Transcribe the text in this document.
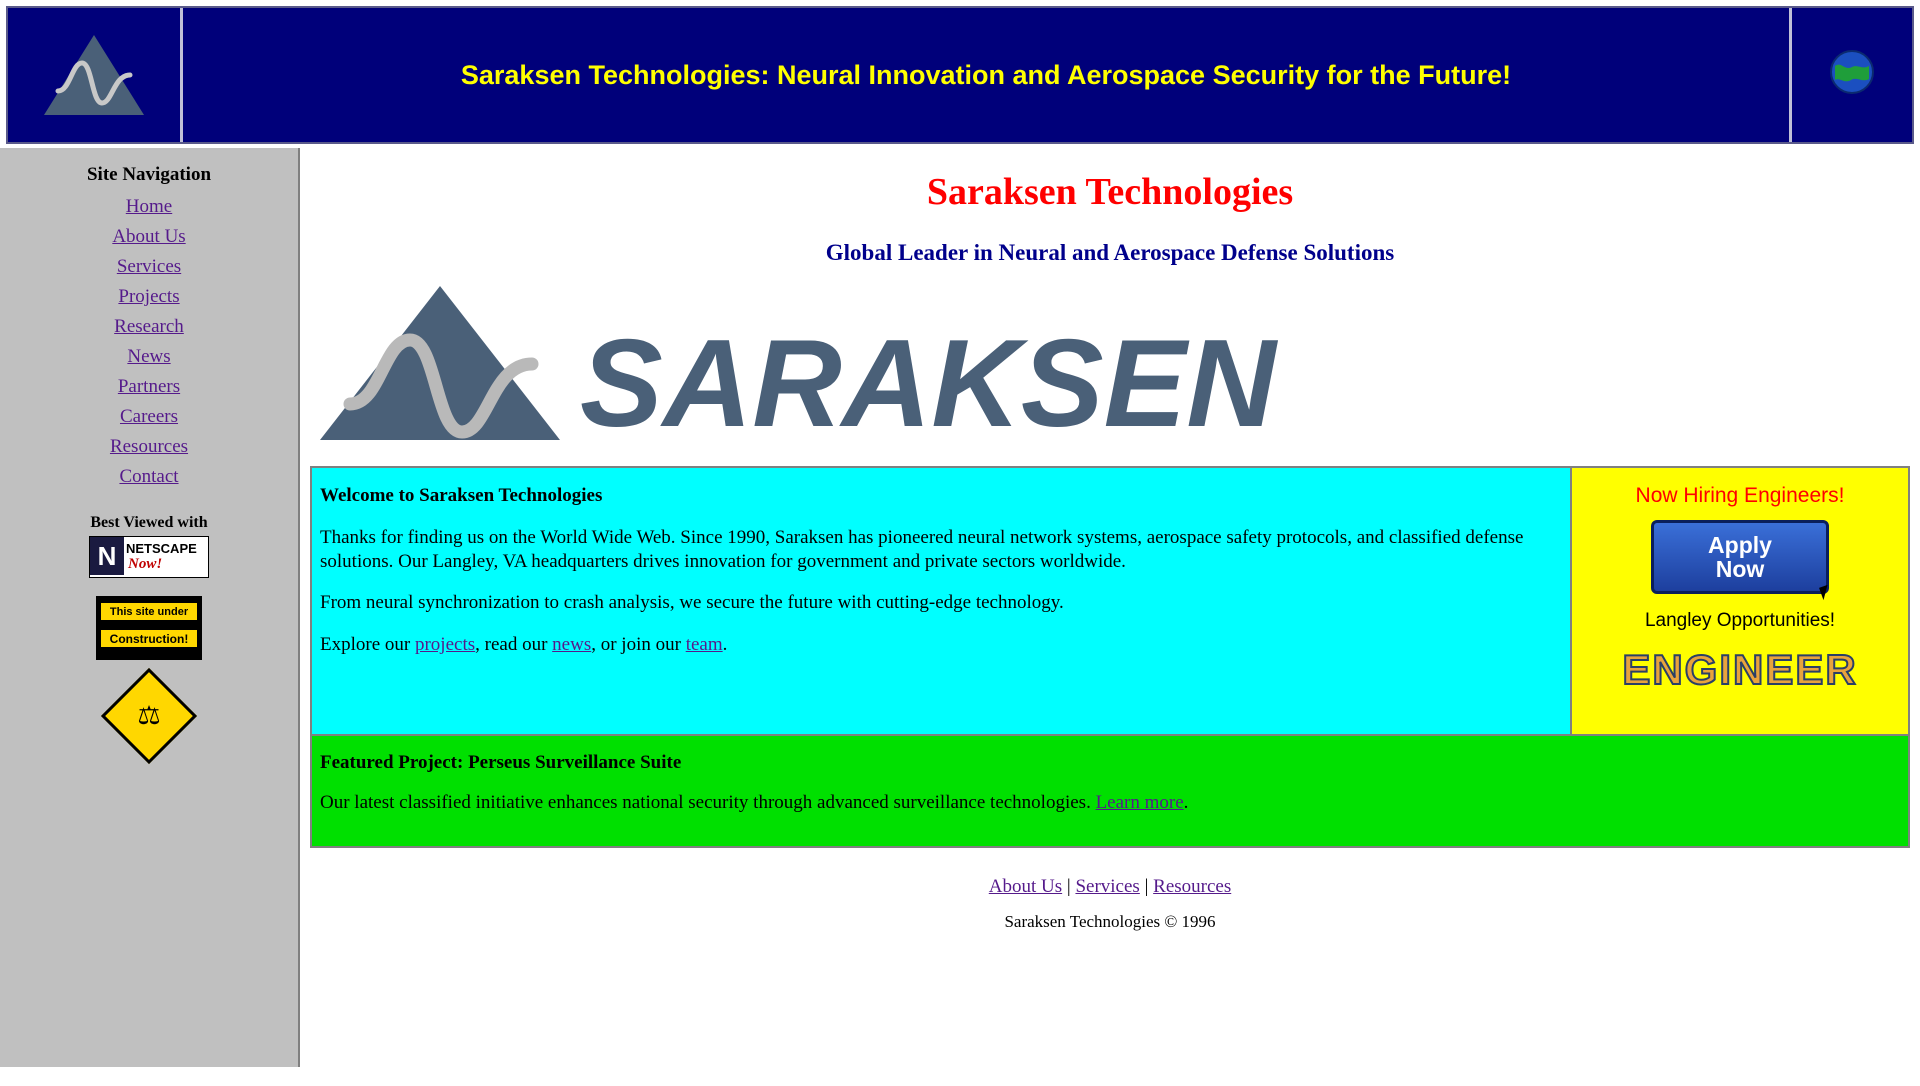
Saraksen Technologies: Neural Innovation and Aerospace Security for the Future!
Site Navigation
Home
About Us
Services
Projects
Research
News
Partners
Careers
Resources
Contact
Best Viewed with
N NETSCAPE
Now!
This site under
Construction!
⚖
Saraksen Technologies
Global Leader in Neural and Aerospace Defense Solutions
SARAKSEN

Welcome to Saraksen Technologies

Thanks for finding us on the World Wide Web. Since 1990, Saraksen has pioneered neural network systems, aerospace safety protocols, and classified defense solutions. Our Langley, VA headquarters drives innovation for government and private sectors worldwide.

From neural synchronization to crash analysis, we secure the future with cutting-edge technology.

Explore our projects, read our news, or join our team.

Now Hiring Engineers!
Apply
Now
Langley Opportunities!
ENGINEER

Featured Project: Perseus Surveillance Suite

Our latest classified initiative enhances national security through advanced surveillance technologies. Learn more.

About Us | Services | Resources
Saraksen Technologies © 1996
